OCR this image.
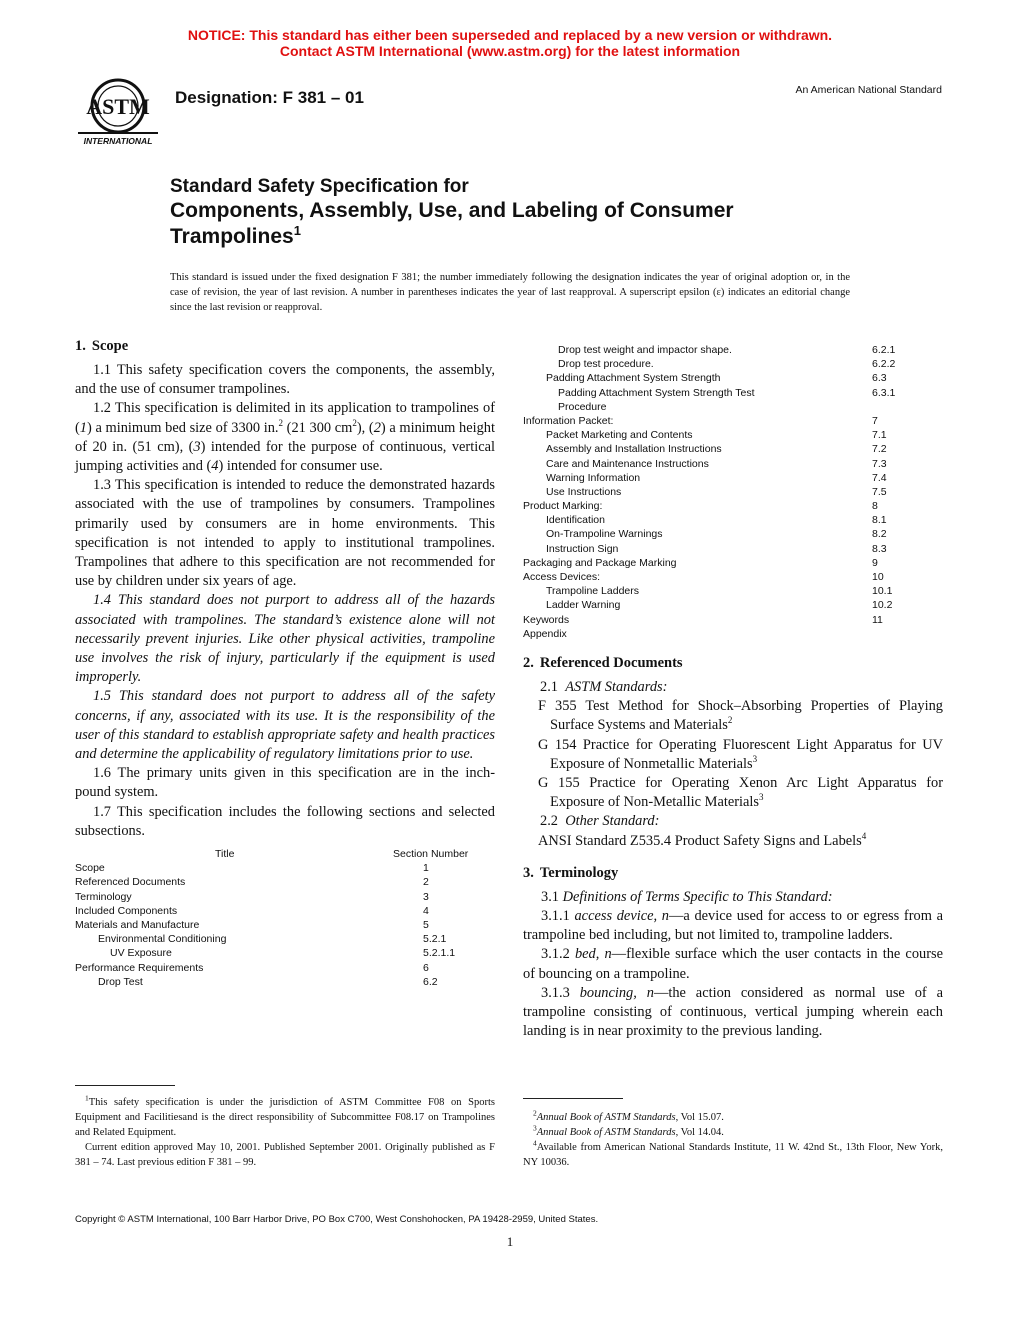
NOTICE: This standard has either been superseded and replaced by a new version or withdrawn.
Contact ASTM International (www.astm.org) for the latest information
ASTM
INTERNATIONAL
Designation: F 381 – 01	An American National Standard
Standard Safety Specification for
Components, Assembly, Use, and Labeling of Consumer
Trampolines$^1$
This standard is issued under the fixed designation F 381; the number immediately following the designation indicates the year of original adoption or, in the case of revision, the year of last revision. A number in parentheses indicates the year of last reapproval. A superscript epsilon (ε) indicates an editorial change since the last revision or reapproval.
1. Scope

1.1 This safety specification covers the components, the assembly, and the use of consumer trampolines.

1.2 This specification is delimited in its application to trampolines of (1) a minimum bed size of 3300 in.$^2$ (21 300 $cm^2$), (2) a minimum height of 20 in. (51 cm), (3) intended for the purpose of continuous, vertical jumping activities and (4) intended for consumer use.

1.3 This specification is intended to reduce the demonstrated hazards associated with the use of trampolines by consumers. Trampolines primarily used by consumers are in home environments. This specification is not intended to apply to institutional trampolines. Trampolines that adhere to this specification are not recommended for use by children under six years of age.

1.4 This standard does not purport to address all of the hazards associated with trampolines. The standard’s existence alone will not necessarily prevent injuries. Like other physical activities, trampoline use involves the risk of injury, particularly if the equipment is used improperly.

1.5 This standard does not purport to address all of the safety concerns, if any, associated with its use. It is the responsibility of the user of this standard to establish appropriate safety and health practices and determine the applicability of regulatory limitations prior to use.

1.6 The primary units given in this specification are in the inch-pound system.

1.7 This specification includes the following sections and selected subsections.

Title	Section Number
Scope	1
Referenced Documents	2
Terminology	3
Included Components	4
Materials and Manufacture	5
Environmental Conditioning	5.2.1
UV Exposure	5.2.1.1
Performance Requirements	6
Drop Test	6.2
Drop test weight and impactor shape.	6.2.1
Drop test procedure.	6.2.2
Padding Attachment System Strength	6.3
Padding Attachment System Strength Test	6.3.1
Procedure
Information Packet:	7
Packet Marketing and Contents	7.1
Assembly and Installation Instructions	7.2
Care and Maintenance Instructions	7.3
Warning Information	7.4
Use Instructions	7.5
Product Marking:	8
Identification	8.1
On-Trampoline Warnings	8.2
Instruction Sign	8.3
Packaging and Package Marking	9
Access Devices:	10
Trampoline Ladders	10.1
Ladder Warning	10.2
Keywords	11
Appendix
2. Referenced Documents

2.1 ASTM Standards:

F 355 Test Method for Shock–Absorbing Properties of Playing Surface Systems and Materials$^2$

G 154 Practice for Operating Fluorescent Light Apparatus for UV Exposure of Nonmetallic Materials$^3$

G 155 Practice for Operating Xenon Arc Light Apparatus for Exposure of Non-Metallic Materials$^3$

2.2 Other Standard:

ANSI Standard Z535.4 Product Safety Signs and Labels$^4$

3. Terminology

3.1 Definitions of Terms Specific to This Standard:

3.1.1 access device, n—a device used for access to or egress from a trampoline bed including, but not limited to, trampoline ladders.

3.1.2 bed, n—flexible surface which the user contacts in the course of bouncing on a trampoline.

3.1.3 bouncing, n—the action considered as normal use of a trampoline consisting of continuous, vertical jumping wherein each landing is in near proximity to the previous landing.

$^1$This safety specification is under the jurisdiction of ASTM Committee F08 on Sports Equipment and Facilitiesand is the direct responsibility of Subcommittee F08.17 on Trampolines and Related Equipment.

Current edition approved May 10, 2001. Published September 2001. Originally published as F 381 – 74. Last previous edition F 381 – 99.

$^2$Annual Book of ASTM Standards, Vol 15.07.

$^3$Annual Book of ASTM Standards, Vol 14.04.

$^4$Available from American National Standards Institute, 11 W. 42nd St., 13th Floor, New York, NY 10036.

Copyright © ASTM International, 100 Barr Harbor Drive, PO Box C700, West Conshohocken, PA 19428-2959, United States.
1
